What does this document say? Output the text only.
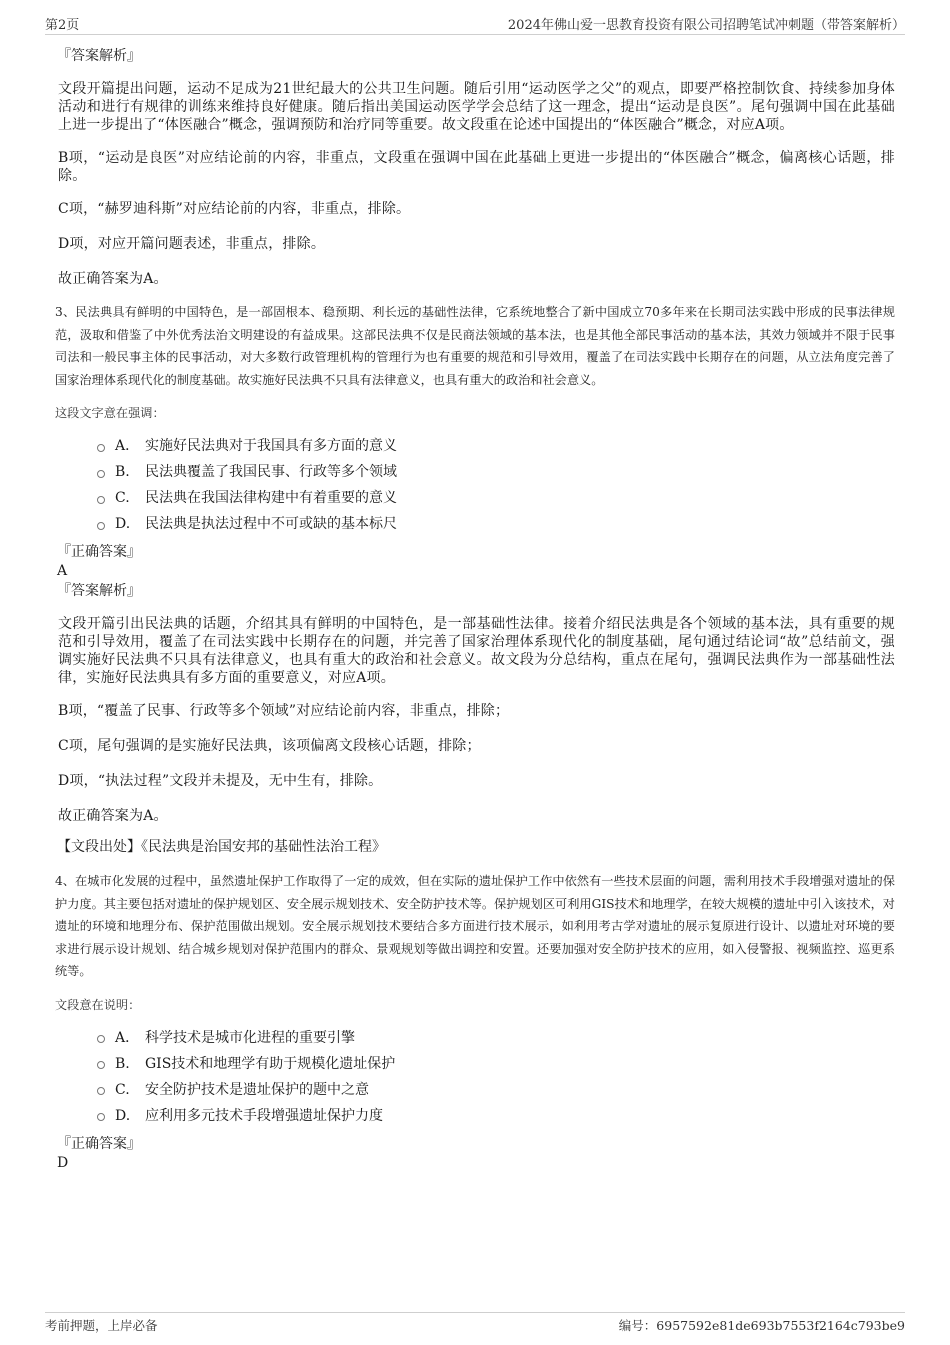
第2页	2024年佛山爱一思教育投资有限公司招聘笔试冲刺题（带答案解析）

『答案解析』

文段开篇提出问题，运动不足成为21世纪最大的公共卫生问题。随后引用“运动医学之父”的观点，即要严格控制饮食、持续参加身体活动和进行有规律的训练来维持良好健康。随后指出美国运动医学学会总结了这一理念，提出“运动是良医”。尾句强调中国在此基础上进一步提出了“体医融合”概念，强调预防和治疗同等重要。故文段重在论述中国提出的“体医融合”概念，对应A项。

B项，“运动是良医”对应结论前的内容，非重点，文段重在强调中国在此基础上更进一步提出的“体医融合”概念，偏离核心话题，排除。

C项，“赫罗迪科斯”对应结论前的内容，非重点，排除。

D项，对应开篇问题表述，非重点，排除。

故正确答案为A。

3、民法典具有鲜明的中国特色，是一部固根本、稳预期、利长远的基础性法律，它系统地整合了新中国成立70多年来在长期司法实践中形成的民事法律规范，汲取和借鉴了中外优秀法治文明建设的有益成果。这部民法典不仅是民商法领域的基本法，也是其他全部民事活动的基本法，其效力领域并不限于民事司法和一般民事主体的民事活动，对大多数行政管理机构的管理行为也有重要的规范和引导效用，覆盖了在司法实践中长期存在的问题，从立法角度完善了国家治理体系现代化的制度基础。故实施好民法典不只具有法律意义，也具有重大的政治和社会意义。

这段文字意在强调：

A． 实施好民法典对于我国具有多方面的意义
B.	民法典覆盖了我国民事、行政等多个领域
C.	民法典在我国法律构建中有着重要的意义
D.	民法典是执法过程中不可或缺的基本标尺

『正确答案』

A

『答案解析』

文段开篇引出民法典的话题，介绍其具有鲜明的中国特色，是一部基础性法律。接着介绍民法典是各个领域的基本法，具有重要的规范和引导效用，覆盖了在司法实践中长期存在的问题，并完善了国家治理体系现代化的制度基础，尾句通过结论词“故”总结前文，强调实施好民法典不只具有法律意义，也具有重大的政治和社会意义。故文段为分总结构，重点在尾句，强调民法典作为一部基础性法律，实施好民法典具有多方面的重要意义，对应A项。

B项，“覆盖了民事、行政等多个领域”对应结论前内容，非重点，排除；

C项，尾句强调的是实施好民法典，该项偏离文段核心话题，排除；

D项，“执法过程”文段并未提及，无中生有，排除。

故正确答案为A。

【文段出处】《民法典是治国安邦的基础性法治工程》

4、在城市化发展的过程中，虽然遗址保护工作取得了一定的成效，但在实际的遗址保护工作中依然有一些技术层面的问题，需利用技术手段增强对遗址的保护力度。其主要包括对遗址的保护规划区、安全展示规划技术、安全防护技术等。保护规划区可利用GIS技术和地理学，在较大规模的遗址中引入该技术，对遗址的环境和地理分布、保护范围做出规划。安全展示规划技术要结合多方面进行技术展示，如利用考古学对遗址的展示复原进行设计、以遗址对环境的要求进行展示设计规划、结合城乡规划对保护范围内的群众、景观规划等做出调控和安置。还要加强对安全防护技术的应用，如入侵警报、视频监控、巡更系统等。

文段意在说明：

A． 科学技术是城市化进程的重要引擎
B.	GIS技术和地理学有助于规模化遗址保护
C.	安全防护技术是遗址保护的题中之意
D.	应利用多元技术手段增强遗址保护力度

『正确答案』

D

考前押题，上岸必备	编号：6957592e81de693b7553f2164c793be9
